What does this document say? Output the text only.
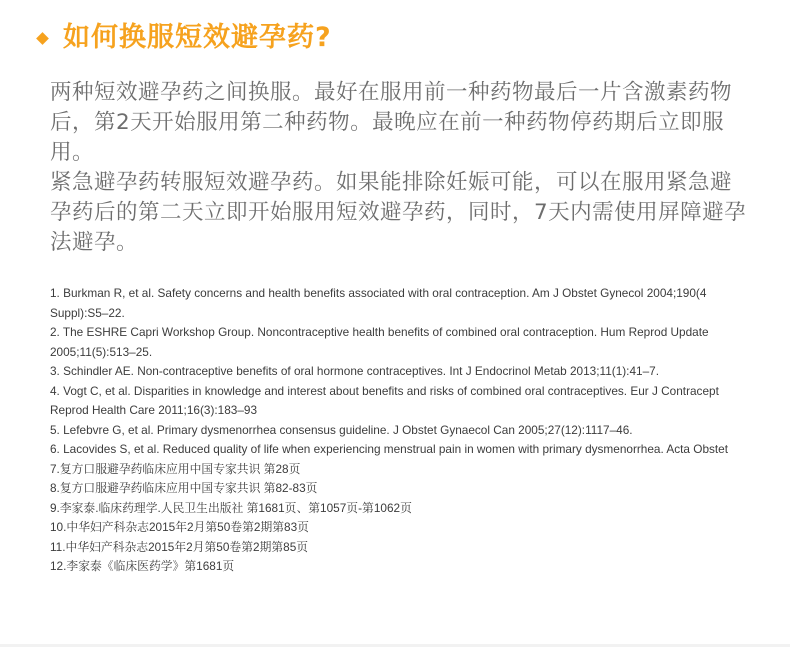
如何换服短效避孕药?

两种短效避孕药之间换服。最好在服用前一种药物最后一片含激素药物后，第2天开始服用第二种药物。最晚应在前一种药物停药期后立即服用。

紧急避孕药转服短效避孕药。如果能排除妊娠可能，可以在服用紧急避孕药后的第二天立即开始服用短效避孕药，同时，7天内需使用屏障避孕法避孕。

1. Burkman R, et al. Safety concerns and health benefits associated with oral contraception. Am J Obstet Gynecol 2004;190(4 Suppl):S5–22.
2. The ESHRE Capri Workshop Group. Noncontraceptive health benefits of combined oral contraception. Hum Reprod Update 2005;11(5):513–25.
3. Schindler AE. Non-contraceptive benefits of oral hormone contraceptives. Int J Endocrinol Metab 2013;11(1):41–7.
4. Vogt C, et al. Disparities in knowledge and interest about benefits and risks of combined oral contraceptives. Eur J Contracept Reprod Health Care 2011;16(3):183–93
5. Lefebvre G, et al. Primary dysmenorrhea consensus guideline. J Obstet Gynaecol Can 2005;27(12):1117–46.
6. Lacovides S, et al. Reduced quality of life when experiencing menstrual pain in women with primary dysmenorrhea. Acta Obstet
7.复方口服避孕药临床应用中国专家共识 第28页
8.复方口服避孕药临床应用中国专家共识 第82-83页
9.李家泰.临床药理学.人民卫生出版社 第1681页、第1057页-第1062页
10.中华妇产科杂志2015年2月第50卷第2期第83页
11.中华妇产科杂志2015年2月第50卷第2期第85页
12.李家泰《临床医药学》第1681页
